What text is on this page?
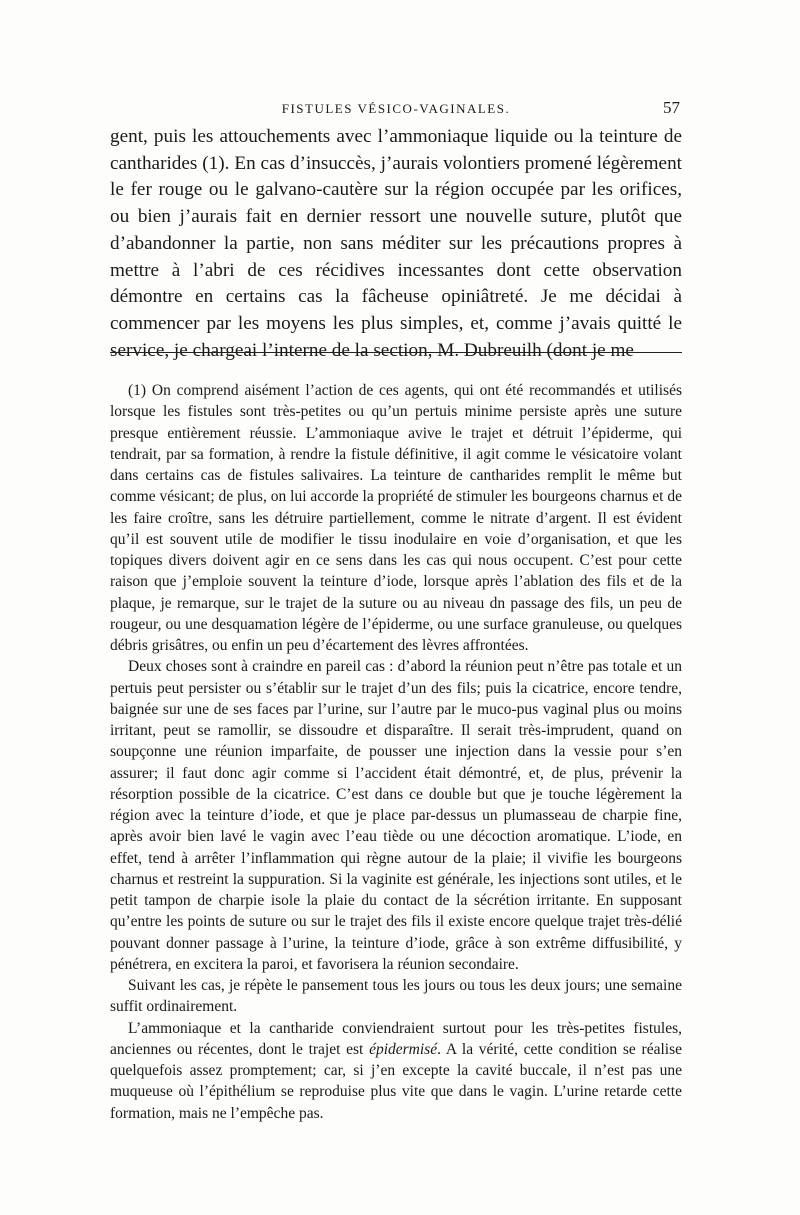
FISTULES VÉSICO-VAGINALES.	57

gent, puis les attouchements avec l’ammoniaque liquide ou la teinture de cantharides (1). En cas d’insuccès, j’aurais volontiers promené légèrement le fer rouge ou le galvano-cautère sur la région occupée par les orifices, ou bien j’aurais fait en dernier ressort une nouvelle suture, plutôt que d’abandonner la partie, non sans méditer sur les précautions propres à mettre à l’abri de ces récidives incessantes dont cette observation démontre en certains cas la fâcheuse opiniâtreté. Je me décidai à commencer par les moyens les plus simples, et, comme j’avais quitté le service, je chargeai l’interne de la section, M. Dubreuilh (dont je me

(1) On comprend aisément l’action de ces agents, qui ont été recommandés et utilisés lorsque les fistules sont très-petites ou qu’un pertuis minime persiste après une suture presque entièrement réussie. L’ammoniaque avive le trajet et détruit l’épiderme, qui tendrait, par sa formation, à rendre la fistule définitive, il agit comme le vésicatoire volant dans certains cas de fistules salivaires. La teinture de cantharides remplit le même but comme vésicant; de plus, on lui accorde la propriété de stimuler les bourgeons charnus et de les faire croître, sans les détruire partiellement, comme le nitrate d’argent. Il est évident qu’il est souvent utile de modifier le tissu inodulaire en voie d’organisation, et que les topiques divers doivent agir en ce sens dans les cas qui nous occupent. C’est pour cette raison que j’emploie souvent la teinture d’iode, lorsque après l’ablation des fils et de la plaque, je remarque, sur le trajet de la suture ou au niveau dn passage des fils, un peu de rougeur, ou une desquamation légère de l’épiderme, ou une surface granuleuse, ou quelques débris grisâtres, ou enfin un peu d’écartement des lèvres affrontées.

Deux choses sont à craindre en pareil cas : d’abord la réunion peut n’être pas totale et un pertuis peut persister ou s’établir sur le trajet d’un des fils; puis la cicatrice, encore tendre, baignée sur une de ses faces par l’urine, sur l’autre par le muco-pus vaginal plus ou moins irritant, peut se ramollir, se dissoudre et disparaître. Il serait très-imprudent, quand on soupçonne une réunion imparfaite, de pousser une injection dans la vessie pour s’en assurer; il faut donc agir comme si l’accident était démontré, et, de plus, prévenir la résorption possible de la cicatrice. C’est dans ce double but que je touche légèrement la région avec la teinture d’iode, et que je place par-dessus un plumasseau de charpie fine, après avoir bien lavé le vagin avec l’eau tiède ou une décoction aromatique. L’iode, en effet, tend à arrêter l’inflammation qui règne autour de la plaie; il vivifie les bourgeons charnus et restreint la suppuration. Si la vaginite est générale, les injections sont utiles, et le petit tampon de charpie isole la plaie du contact de la sécrétion irritante. En supposant qu’entre les points de suture ou sur le trajet des fils il existe encore quelque trajet très-délié pouvant donner passage à l’urine, la teinture d’iode, grâce à son extrême diffusibilité, y pénétrera, en excitera la paroi, et favorisera la réunion secondaire.

Suivant les cas, je répète le pansement tous les jours ou tous les deux jours; une semaine suffit ordinairement.

L’ammoniaque et la cantharide conviendraient surtout pour les très-petites fistules, anciennes ou récentes, dont le trajet est épidermisé. A la vérité, cette condition se réalise quelquefois assez promptement; car, si j’en excepte la cavité buccale, il n’est pas une muqueuse où l’épithélium se reproduise plus vite que dans le vagin. L’urine retarde cette formation, mais ne l’empêche pas.
